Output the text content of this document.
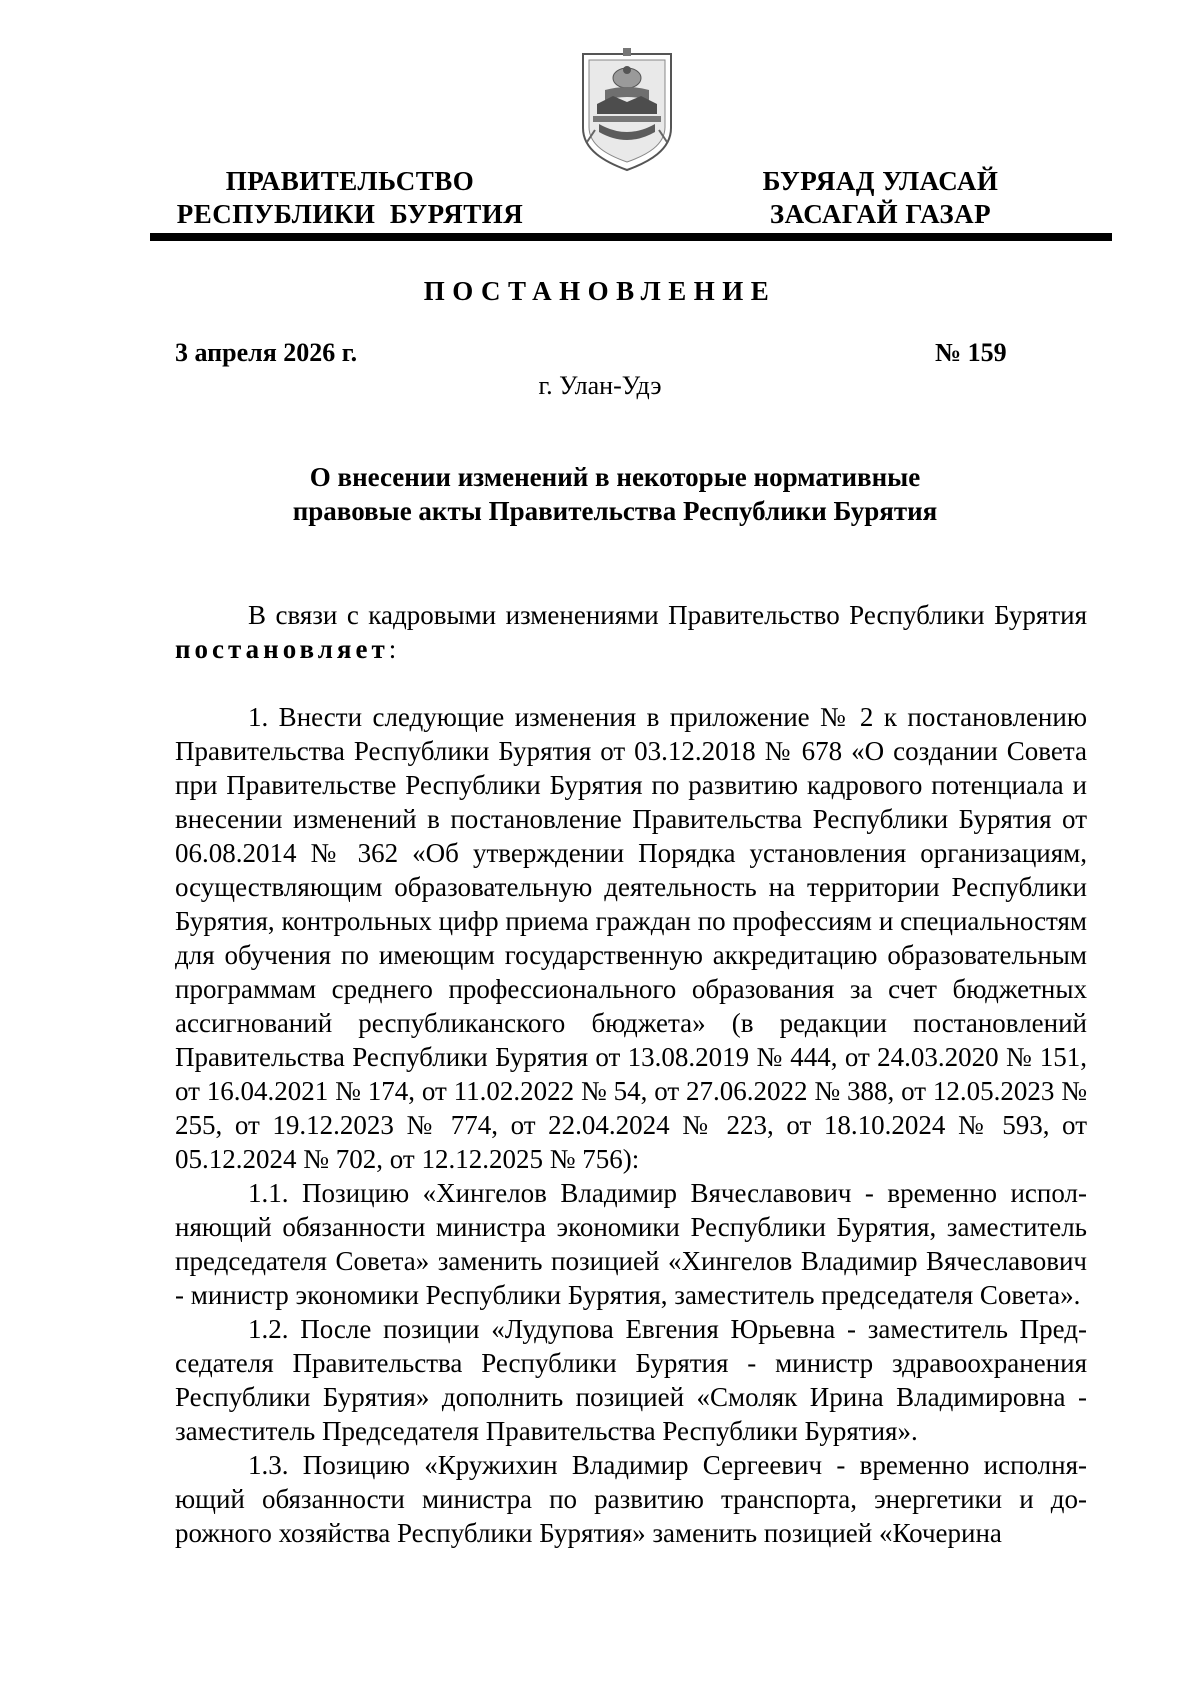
ПРАВИТЕЛЬСТВО
РЕСПУБЛИКИ  БУРЯТИЯ
БУРЯАД УЛАСАЙ
ЗАСАГАЙ ГАЗАР
ПОСТАНОВЛЕНИЕ
3 апреля 2026 г.	№ 159
г. Улан-Удэ
О внесении изменений в некоторые нормативные
правовые акты Правительства Республики Бурятия

В связи с кадровыми изменениями Правительство Республики Бурятия постановляет:

1. Внести следующие изменения в приложение № 2 к постановлению Правительства Республики Бурятия от 03.12.2018 № 678 «О создании Совета при Правительстве Республики Бурятия по развитию кадрового потенциала и внесении изменений в постановление Правительства Республики Бурятия от 06.08.2014 № 362 «Об утверждении Порядка установления организациям, осуществляющим образовательную деятельность на территории Республики Бурятия, контрольных цифр приема граждан по профессиям и специальностям для обучения по имеющим государственную аккредитацию образовательным программам среднего профессионального образования за счет бюджетных ассигнований республиканского бюджета» (в редакции постановлений Правительства Республики Бурятия от 13.08.2019 № 444, от 24.03.2020 № 151, от 16.04.2021 № 174, от 11.02.2022 № 54, от 27.06.2022 № 388, от 12.05.2023 № 255, от 19.12.2023 № 774, от 22.04.2024 № 223, от 18.10.2024 № 593, от 05.12.2024 № 702, от 12.12.2025 № 756):

1.1. Позицию «Хингелов Владимир Вячеславович - временно исполняющий обязанности министра экономики Республики Бурятия, заместитель председателя Совета» заменить позицией «Хингелов Владимир Вячеславович - министр экономики Республики Бурятия, заместитель председателя Совета».

1.2. После позиции «Лудупова Евгения Юрьевна - заместитель Председателя Правительства Республики Бурятия - министр здравоохранения Республики Бурятия» дополнить позицией «Смоляк Ирина Владимировна - заместитель Председателя Правительства Республики Бурятия».

1.3. Позицию «Кружихин Владимир Сергеевич - временно исполняющий обязанности министра по развитию транспорта, энергетики и дорожного хозяйства Республики Бурятия» заменить позицией «Кочерина
